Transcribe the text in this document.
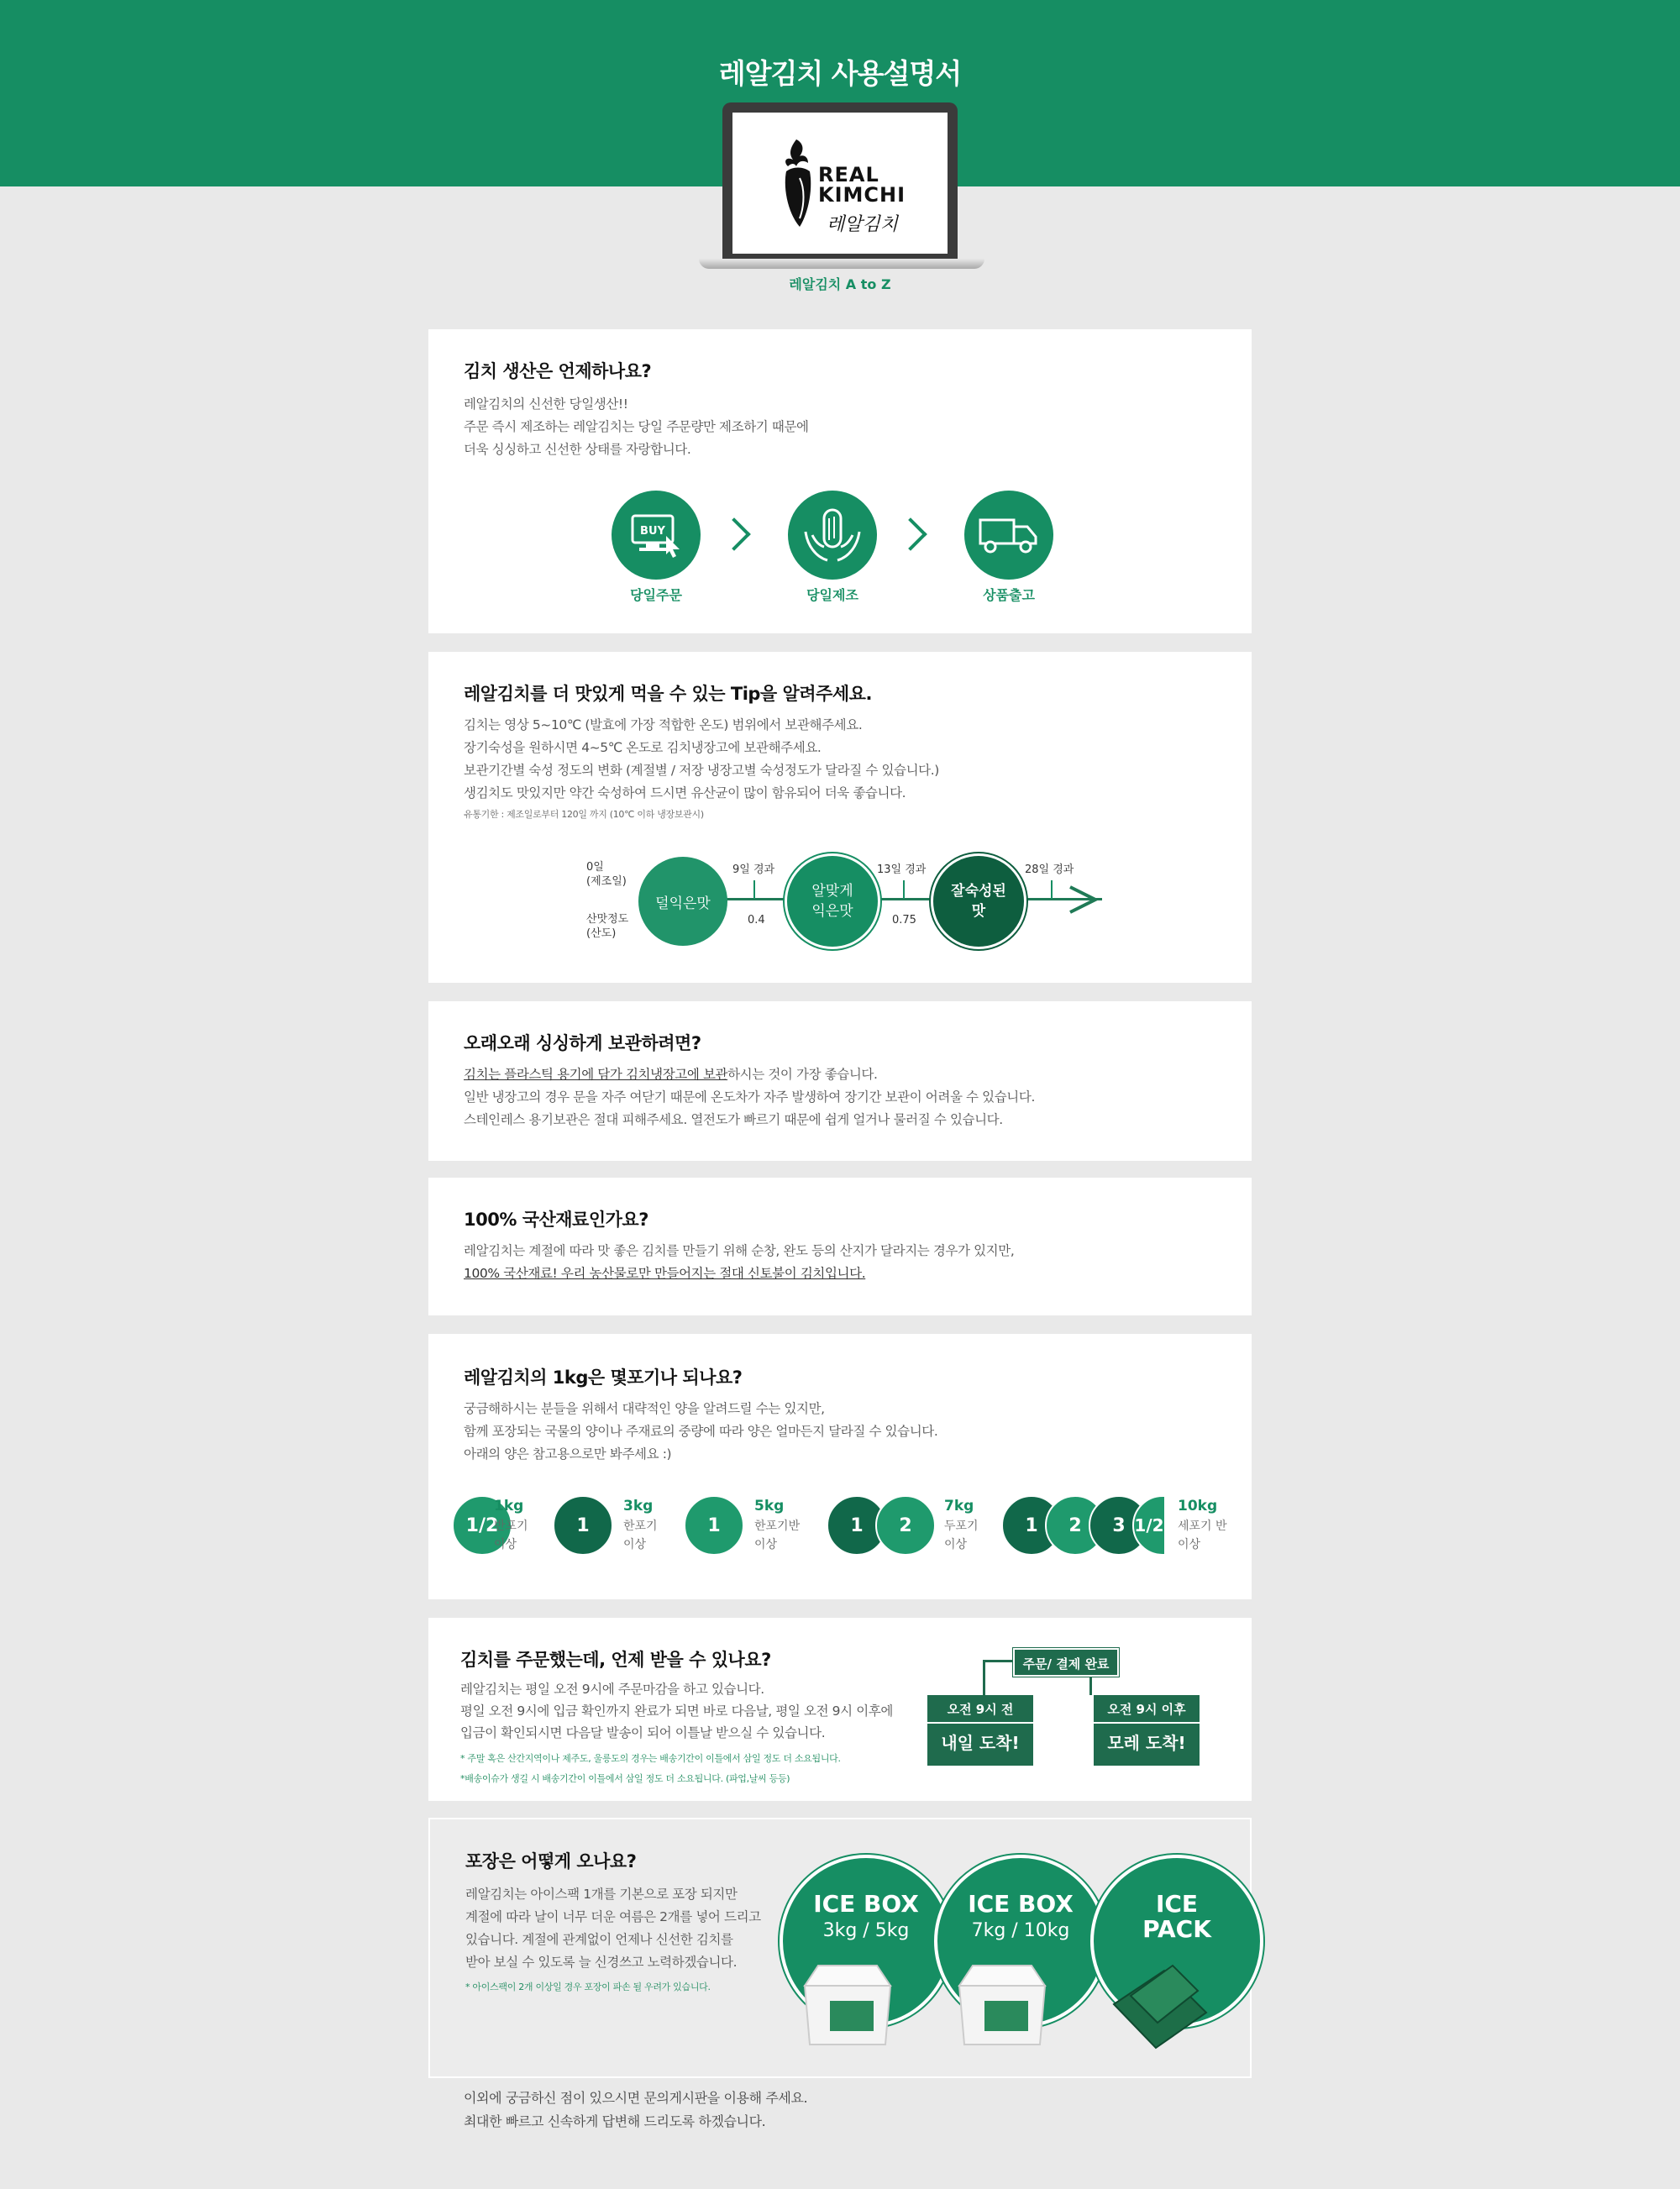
레알김치 사용설명서
REAL
KIMCHI
레알김치
레알김치 A to Z
김치 생산은 언제하나요?

레알김치의 신선한 당일생산!!
주문 즉시 제조하는 레알김치는 당일 주문량만 제조하기 때문에
더욱 싱싱하고 신선한 상태를 자랑합니다.

BUY
당일주문	당일제조	상품출고
레알김치를 더 맛있게 먹을 수 있는 Tip을 알려주세요.

김치는 영상 5~10℃ (발효에 가장 적합한 온도) 범위에서 보관해주세요.
장기숙성을 원하시면 4~5℃ 온도로 김치냉장고에 보관해주세요.
보관기간별 숙성 정도의 변화 (계절별 / 저장 냉장고별 숙성정도가 달라질 수 있습니다.)
생김치도 맛있지만 약간 숙성하여 드시면 유산균이 많이 함유되어 더욱 좋습니다.

유통기한 : 제조일로부터 120일 까지 (10℃ 이하 냉장보관시)
0일
(제조일)
산맛정도
(산도)
덜익은맛
알맞게
익은맛
잘숙성된
맛
9일 경과	13일 경과	28일 경과
0.4	0.75
오래오래 싱싱하게 보관하려면?

김치는 플라스틱 용기에 담가 김치냉장고에 보관하시는 것이 가장 좋습니다.
일반 냉장고의 경우 문을 자주 여닫기 때문에 온도차가 자주 발생하여 장기간 보관이 어려울 수 있습니다.
스테인레스 용기보관은 절대 피해주세요. 열전도가 빠르기 때문에 쉽게 얼거나 물러질 수 있습니다.

100% 국산재료인가요?

레알김치는 계절에 따라 맛 좋은 김치를 만들기 위해 순창, 완도 등의 산지가 달라지는 경우가 있지만,
100% 국산재료! 우리 농산물로만 만들어지는 절대 신토불이 김치입니다.

레알김치의 1kg은 몇포기나 되나요?

궁금해하시는 분들을 위해서 대략적인 양을 알려드릴 수는 있지만,
함께 포장되는 국물의 양이나 주재료의 중량에 따라 양은 얼마든지 달라질 수 있습니다.
아래의 양은 참고용으로만 봐주세요 :)

1/2
1kg
반포기
이상
1
3kg
한포기
이상
1
5kg
한포기반
이상
1	2
7kg
두포기
이상
1	2	3 1/2
10kg
세포기 반
이상
김치를 주문했는데, 언제 받을 수 있나요?

레알김치는 평일 오전 9시에 주문마감을 하고 있습니다.
평일 오전 9시에 입금 확인까지 완료가 되면 바로 다음날, 평일 오전 9시 이후에
입금이 확인되시면 다음달 발송이 되어 이틀날 받으실 수 있습니다.

* 주말 혹은 산간지역이나 제주도, 울릉도의 경우는 배송기간이 이틀에서 삼일 정도 더 소요됩니다.
*배송이슈가 생길 시 배송기간이 이틀에서 삼일 정도 더 소요됩니다. (파업,날씨 등등)
주문/ 결제 완료
오전 9시 전
내일 도착!
오전 9시 이후
모레 도착!
포장은 어떻게 오나요?

레알김치는 아이스팩 1개를 기본으로 포장 되지만
계절에 따라 날이 너무 더운 여름은 2개를 넣어 드리고
있습니다. 계절에 관계없이 언제나 신선한 김치를
받아 보실 수 있도록 늘 신경쓰고 노력하겠습니다.

* 아이스팩이 2개 이상일 경우 포장이 파손 될 우려가 있습니다.
ICE BOX
3kg / 5kg
ICE BOX
7kg / 10kg
ICE
PACK
이외에 궁금하신 점이 있으시면 문의게시판을 이용해 주세요.
최대한 빠르고 신속하게 답변해 드리도록 하겠습니다.
